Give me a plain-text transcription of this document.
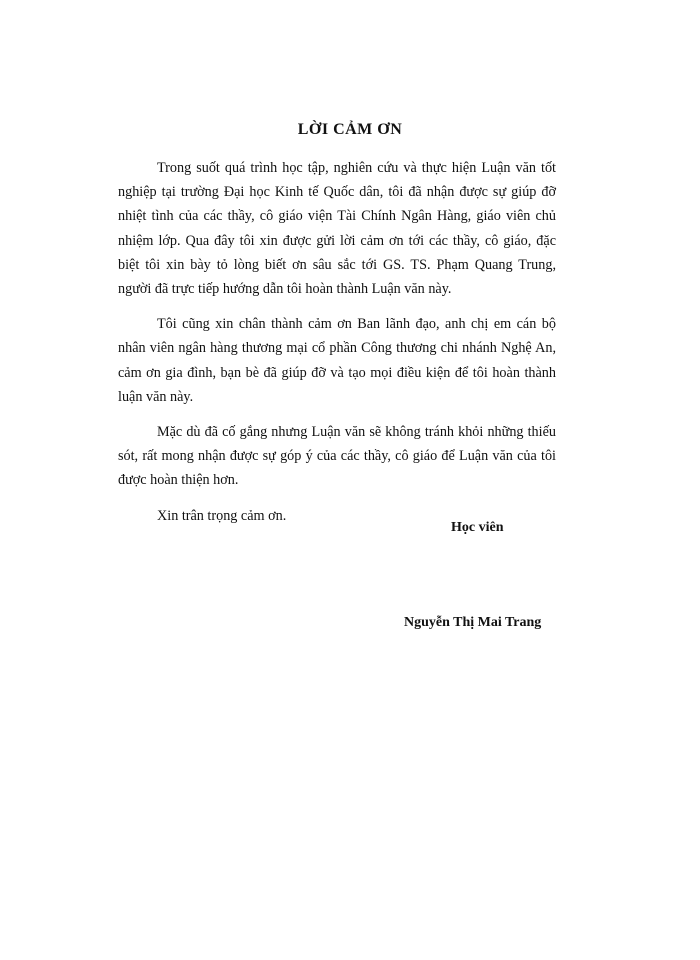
LỜI CẢM ƠN

Trong suốt quá trình học tập, nghiên cứu và thực hiện Luận văn tốt nghiệp tại trường Đại học Kinh tế Quốc dân, tôi đã nhận được sự giúp đỡ nhiệt tình của các thầy, cô giáo viện Tài Chính Ngân Hàng, giáo viên chủ nhiệm lớp. Qua đây tôi xin được gửi lời cảm ơn tới các thầy, cô giáo, đặc biệt tôi xin bày tỏ lòng biết ơn sâu sắc tới GS. TS. Phạm Quang Trung, người đã trực tiếp hướng dẫn tôi hoàn thành Luận văn này.

Tôi cũng xin chân thành cảm ơn Ban lãnh đạo, anh chị em cán bộ nhân viên ngân hàng thương mại cổ phần Công thương chi nhánh Nghệ An, cảm ơn gia đình, bạn bè đã giúp đỡ và tạo mọi điều kiện để tôi hoàn thành luận văn này.

Mặc dù đã cố gắng nhưng Luận văn sẽ không tránh khỏi những thiếu sót, rất mong nhận được sự góp ý của các thầy, cô giáo để Luận văn của tôi được hoàn thiện hơn.

Xin trân trọng cảm ơn.

Học viên
Nguyễn Thị Mai Trang
